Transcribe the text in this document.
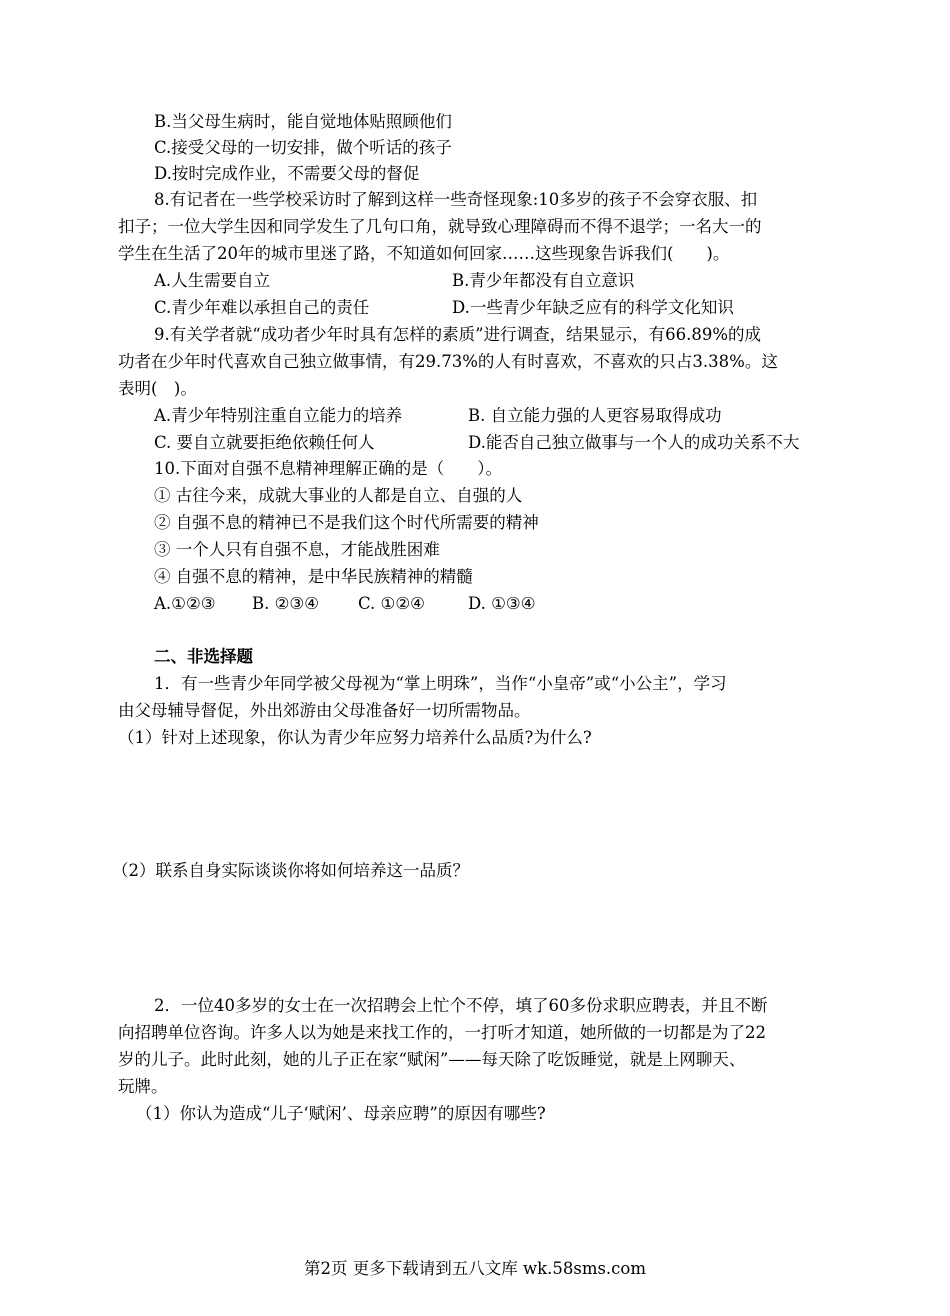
B.当父母生病时，能自觉地体贴照顾他们
C.接受父母的一切安排，做个听话的孩子
D.按时完成作业，不需要父母的督促
8.有记者在一些学校采访时了解到这样一些奇怪现象:10多岁的孩子不会穿衣服、扣
扣子；一位大学生因和同学发生了几句口角，就导致心理障碍而不得不退学；一名大一的
学生在生活了20年的城市里迷了路，不知道如何回家……这些现象告诉我们(　　)。
A.人生需要自立	B.青少年都没有自立意识
C.青少年难以承担自己的责任	D.一些青少年缺乏应有的科学文化知识
9.有关学者就“成功者少年时具有怎样的素质”进行调查，结果显示，有66.89%的成
功者在少年时代喜欢自己独立做事情，有29.73%的人有时喜欢，不喜欢的只占3.38%。这
表明(　)。
A.青少年特别注重自立能力的培养	B. 自立能力强的人更容易取得成功
C. 要自立就要拒绝依赖任何人	D.能否自己独立做事与一个人的成功关系不大
10.下面对自强不息精神理解正确的是（　　）。
① 古往今来，成就大事业的人都是自立、自强的人
② 自强不息的精神已不是我们这个时代所需要的精神
③ 一个人只有自强不息，才能战胜困难
④ 自强不息的精神，是中华民族精神的精髓
A.①②③ B. ②③④ C. ①②④	D. ①③④
二、非选择题
1．有一些青少年同学被父母视为“掌上明珠”，当作“小皇帝”或“小公主”，学习
由父母辅导督促，外出郊游由父母准备好一切所需物品。
（1）针对上述现象，你认为青少年应努力培养什么品质?为什么?
（2）联系自身实际谈谈你将如何培养这一品质？
2．一位40多岁的女士在一次招聘会上忙个不停，填了60多份求职应聘表，并且不断
向招聘单位咨询。许多人以为她是来找工作的，一打听才知道，她所做的一切都是为了22
岁的儿子。此时此刻，她的儿子正在家“赋闲”——每天除了吃饭睡觉，就是上网聊天、
玩牌。
（1）你认为造成“儿子‘赋闲’、母亲应聘”的原因有哪些?
第2页 更多下载请到五八文库 wk.58sms.com
